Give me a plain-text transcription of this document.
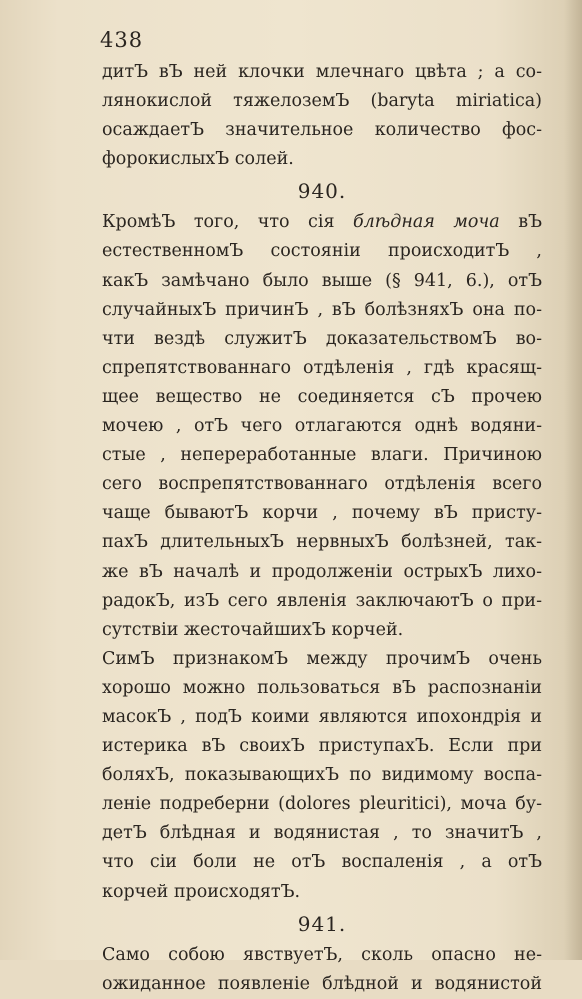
438

дитЪ вЪ ней клочки млечнаго цвѣта ; а со-
лянокислой тяжелоземЪ (baryta miriatica)
осаждаетЪ значительное количество фос-
форокислыхЪ солей.

940.

КромѣЪ того, что сія блѣдная моча вЪ
естественномЪ состояніи происходитЪ ,
какЪ замѣчано было выше (§ 941, 6.), отЪ
случайныхЪ причинЪ , вЪ болѣзняхЪ она по-
чти вездѣ служитЪ доказательствомЪ во-
спрепятствованнаго отдѣленія , гдѣ красящ-
щее вещество не соединяется сЪ прочею
мочею , отЪ чего отлагаются однѣ водяни-
стые , непереработанные влаги. Причиною
сего воспрепятствованнаго отдѣленія всего
чаще бываютЪ корчи , почему вЪ присту-
пахЪ длительныхЪ нервныхЪ болѣзней, так-
же вЪ началѣ и продолженіи острыхЪ лихо-
радокЪ, изЪ сего явленія заключаютЪ о при-
сутствіи жесточайшихЪ корчей.

СимЪ признакомЪ между прочимЪ очень
хорошо можно пользоваться вЪ распознаніи
масокЪ , подЪ коими являются ипохондрія и
истерика вЪ своихЪ приступахЪ. Если при
боляхЪ, показывающихЪ по видимому воспа-
леніе подреберни (dolores pleuritici), моча бу-
детЪ блѣдная и водянистая , то значитЪ ,
что сіи боли не отЪ воспаленія , а отЪ
корчей происходятЪ.

941.

Само собою явствуетЪ, сколь опасно не-
ожиданное появленіе блѣдной и водянистой
